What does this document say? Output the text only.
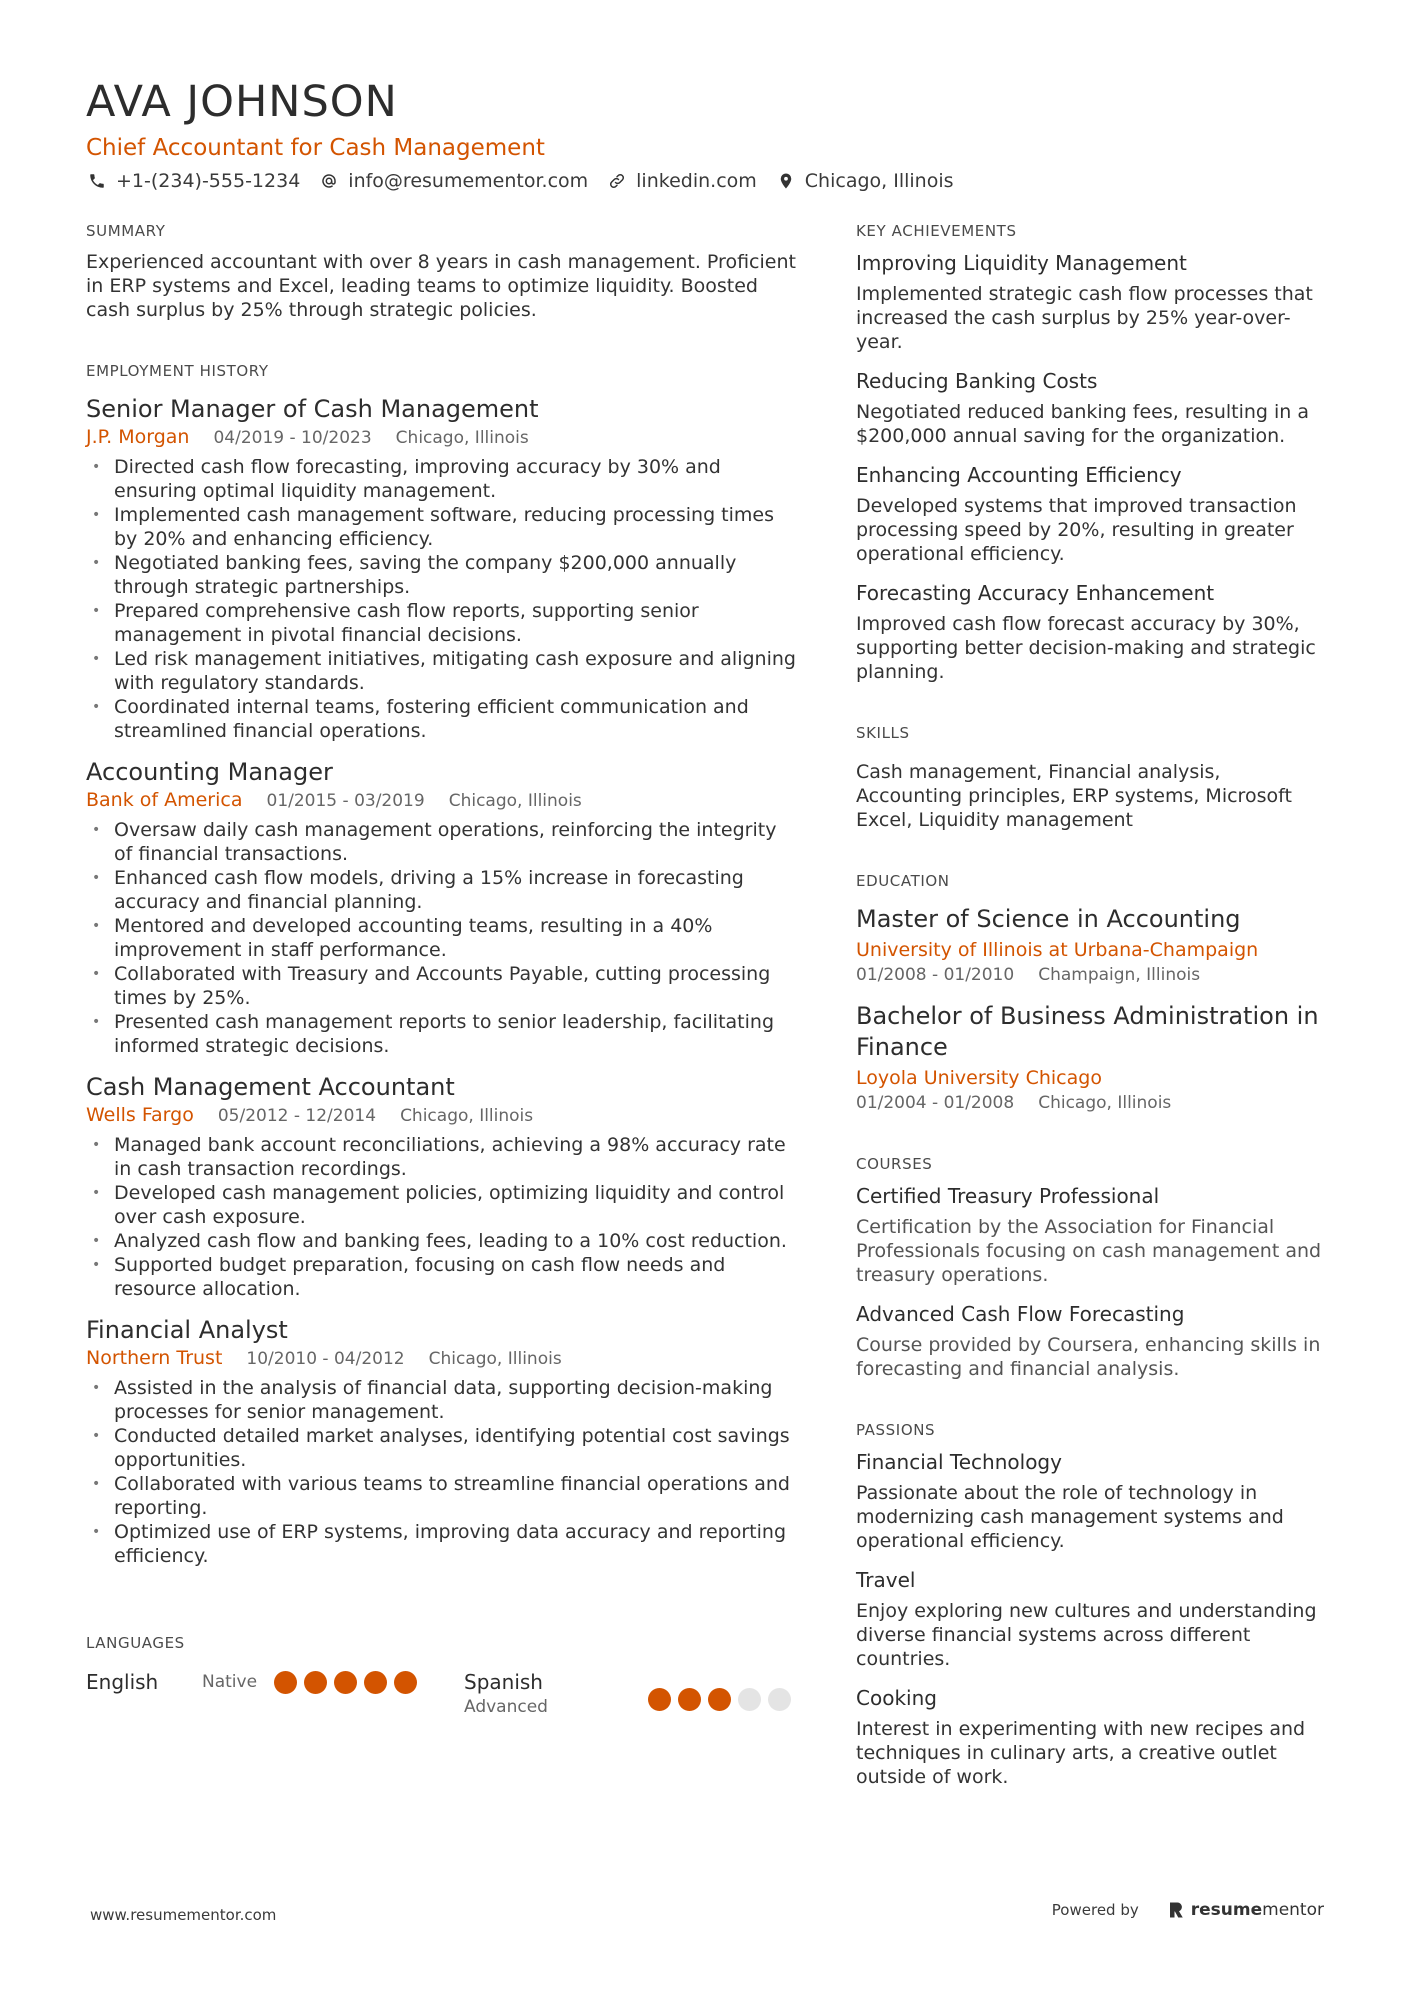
AVA JOHNSON
Chief Accountant for Cash Management
+1-(234)-555-1234	info@resumementor.com	linkedin.com	Chicago, Illinois
SUMMARY
Experienced accountant with over 8 years in cash management. Proficient in ERP systems and Excel, leading teams to optimize liquidity. Boosted cash surplus by 25% through strategic policies.
EMPLOYMENT HISTORY
Senior Manager of Cash Management
J.P. Morgan 04/2019 - 10/2023 Chicago, Illinois
• Directed cash flow forecasting, improving accuracy by 30% and ensuring optimal liquidity management.
• Implemented cash management software, reducing processing times by 20% and enhancing efficiency.
• Negotiated banking fees, saving the company $200,000 annually through strategic partnerships.
• Prepared comprehensive cash flow reports, supporting senior management in pivotal financial decisions.
• Led risk management initiatives, mitigating cash exposure and aligning with regulatory standards.
• Coordinated internal teams, fostering efficient communication and streamlined financial operations.
Accounting Manager
Bank of America 01/2015 - 03/2019 Chicago, Illinois
• Oversaw daily cash management operations, reinforcing the integrity of financial transactions.
• Enhanced cash flow models, driving a 15% increase in forecasting accuracy and financial planning.
• Mentored and developed accounting teams, resulting in a 40% improvement in staff performance.
• Collaborated with Treasury and Accounts Payable, cutting processing times by 25%.
• Presented cash management reports to senior leadership, facilitating informed strategic decisions.
Cash Management Accountant
Wells Fargo 05/2012 - 12/2014 Chicago, Illinois
• Managed bank account reconciliations, achieving a 98% accuracy rate in cash transaction recordings.
• Developed cash management policies, optimizing liquidity and control over cash exposure.
• Analyzed cash flow and banking fees, leading to a 10% cost reduction.
• Supported budget preparation, focusing on cash flow needs and resource allocation.
Financial Analyst
Northern Trust 10/2010 - 04/2012 Chicago, Illinois
• Assisted in the analysis of financial data, supporting decision-making processes for senior management.
• Conducted detailed market analyses, identifying potential cost savings opportunities.
• Collaborated with various teams to streamline financial operations and reporting.
• Optimized use of ERP systems, improving data accuracy and reporting efficiency.
LANGUAGES
English	Native	Spanish
Advanced
KEY ACHIEVEMENTS
Improving Liquidity Management
Implemented strategic cash flow processes that increased the cash surplus by 25% year-over-year.
Reducing Banking Costs
Negotiated reduced banking fees, resulting in a $200,000 annual saving for the organization.
Enhancing Accounting Efficiency
Developed systems that improved transaction processing speed by 20%, resulting in greater operational efficiency.
Forecasting Accuracy Enhancement
Improved cash flow forecast accuracy by 30%, supporting better decision-making and strategic planning.
SKILLS
Cash management, Financial analysis, Accounting principles, ERP systems, Microsoft Excel, Liquidity management
EDUCATION
Master of Science in Accounting
University of Illinois at Urbana-Champaign
01/2008 - 01/2010 Champaign, Illinois
Bachelor of Business Administration in Finance
Loyola University Chicago
01/2004 - 01/2008 Chicago, Illinois
COURSES
Certified Treasury Professional
Certification by the Association for Financial Professionals focusing on cash management and treasury operations.
Advanced Cash Flow Forecasting
Course provided by Coursera, enhancing skills in forecasting and financial analysis.
PASSIONS
Financial Technology
Passionate about the role of technology in modernizing cash management systems and operational efficiency.
Travel
Enjoy exploring new cultures and understanding diverse financial systems across different countries.
Cooking
Interest in experimenting with new recipes and techniques in culinary arts, a creative outlet outside of work.
www.resumementor.com	Powered by	resume mentor
